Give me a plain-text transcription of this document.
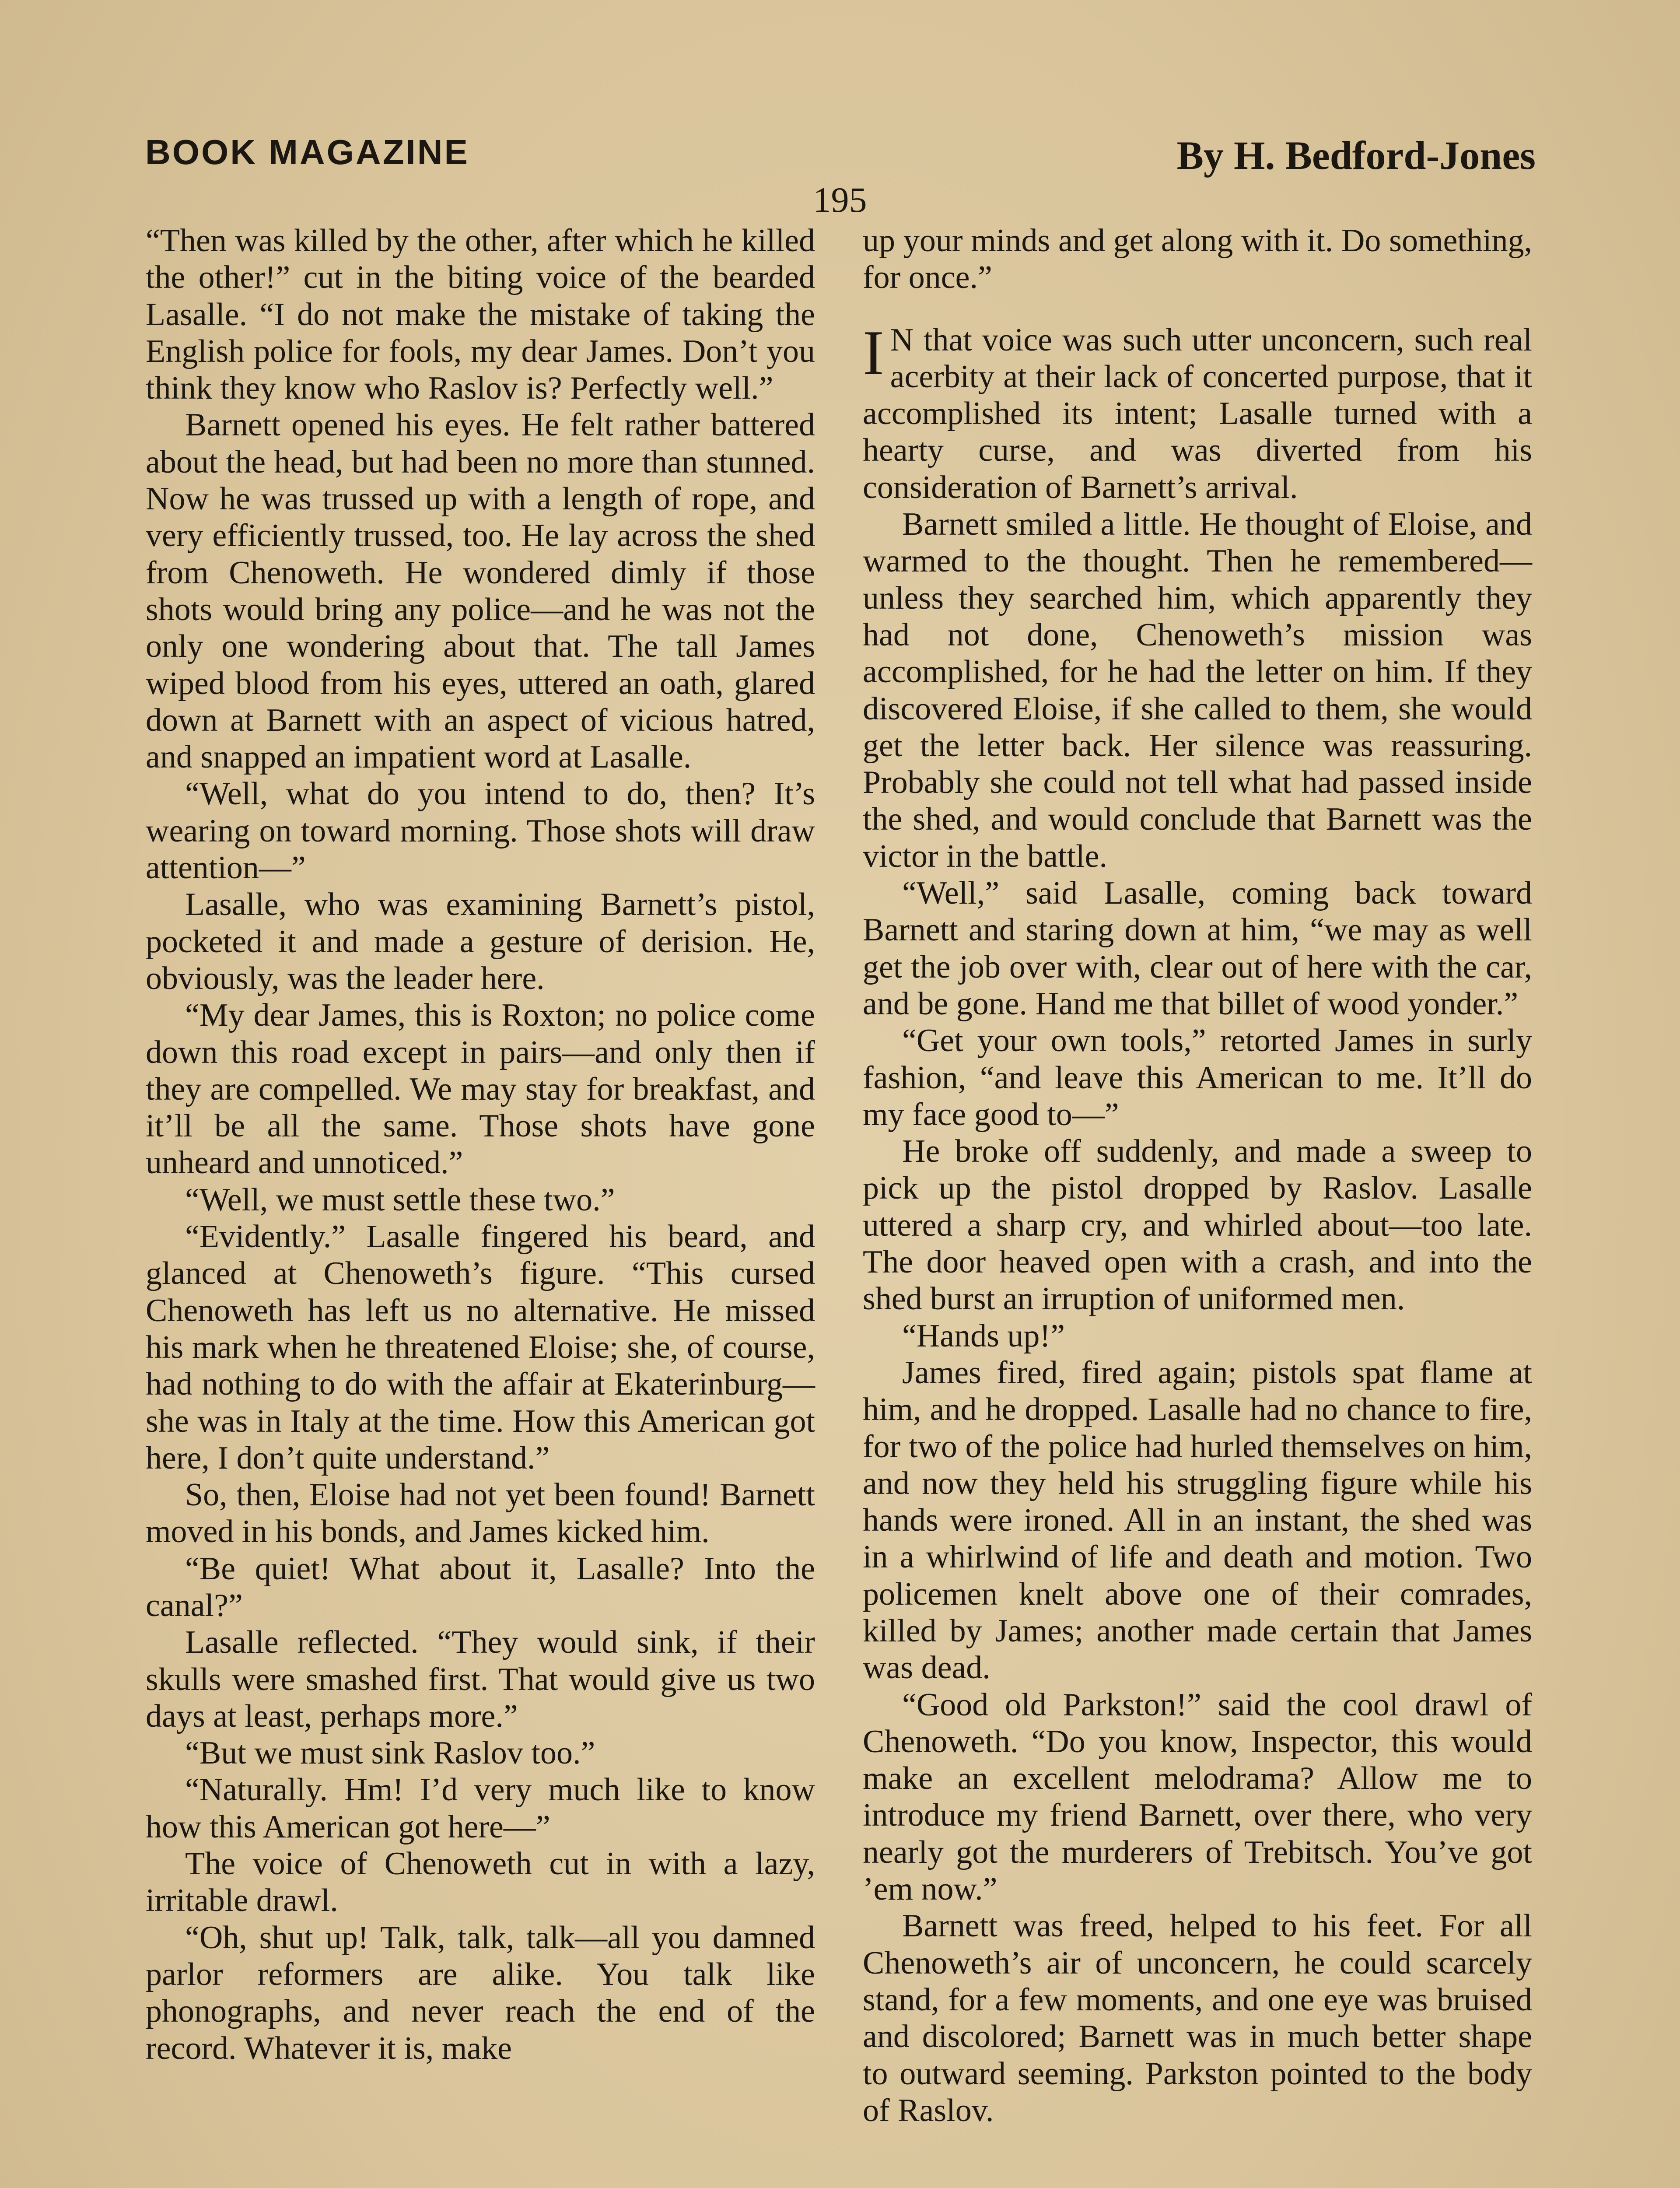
BOOK MAGAZINE	By H. Bedford-Jones
195

“Then was killed by the other, after which he killed the other!” cut in the biting voice of the bearded Lasalle. “I do not make the mistake of taking the English police for fools, my dear James. Don’t you think they know who Raslov is? Perfectly well.”

Barnett opened his eyes. He felt rather battered about the head, but had been no more than stunned. Now he was trussed up with a length of rope, and very efficiently trussed, too. He lay across the shed from Chenoweth. He wondered dimly if those shots would bring any police—and he was not the only one wondering about that. The tall James wiped blood from his eyes, uttered an oath, glared down at Barnett with an aspect of vicious hatred, and snapped an impatient word at Lasalle.

“Well, what do you intend to do, then? It’s wearing on toward morning. Those shots will draw attention—”

Lasalle, who was examining Barnett’s pistol, pocketed it and made a gesture of derision. He, obviously, was the leader here.

“My dear James, this is Roxton; no police come down this road except in pairs—and only then if they are compelled. We may stay for breakfast, and it’ll be all the same. Those shots have gone unheard and unnoticed.”

“Well, we must settle these two.”

“Evidently.” Lasalle fingered his beard, and glanced at Chenoweth’s figure. “This cursed Chenoweth has left us no alternative. He missed his mark when he threatened Eloise; she, of course, had nothing to do with the affair at Ekaterinburg—she was in Italy at the time. How this American got here, I don’t quite understand.”

So, then, Eloise had not yet been found! Barnett moved in his bonds, and James kicked him.

“Be quiet! What about it, Lasalle? Into the canal?”

Lasalle reflected. “They would sink, if their skulls were smashed first. That would give us two days at least, perhaps more.”

“But we must sink Raslov too.”

“Naturally. Hm! I’d very much like to know how this American got here—”

The voice of Chenoweth cut in with a lazy, irritable drawl.

“Oh, shut up! Talk, talk, talk—all you damned parlor reformers are alike. You talk like phonographs, and never reach the end of the record. Whatever it is, make

up your minds and get along with it. Do something, for once.”

I N that voice was such utter unconcern, such real acerbity at their lack of concerted purpose, that it accomplished its intent; Lasalle turned with a hearty curse, and was diverted from his consideration of Barnett’s arrival.

Barnett smiled a little. He thought of Eloise, and warmed to the thought. Then he remembered—unless they searched him, which apparently they had not done, Chenoweth’s mission was accomplished, for he had the letter on him. If they discovered Eloise, if she called to them, she would get the letter back. Her silence was reassuring. Probably she could not tell what had passed inside the shed, and would conclude that Barnett was the victor in the battle.

“Well,” said Lasalle, coming back toward Barnett and staring down at him, “we may as well get the job over with, clear out of here with the car, and be gone. Hand me that billet of wood yonder.”

“Get your own tools,” retorted James in surly fashion, “and leave this American to me. It’ll do my face good to—”

He broke off suddenly, and made a sweep to pick up the pistol dropped by Raslov. Lasalle uttered a sharp cry, and whirled about—too late. The door heaved open with a crash, and into the shed burst an irruption of uniformed men.

“Hands up!”

James fired, fired again; pistols spat flame at him, and he dropped. Lasalle had no chance to fire, for two of the police had hurled themselves on him, and now they held his struggling figure while his hands were ironed. All in an instant, the shed was in a whirlwind of life and death and motion. Two policemen knelt above one of their comrades, killed by James; another made certain that James was dead.

“Good old Parkston!” said the cool drawl of Chenoweth. “Do you know, Inspector, this would make an excellent melodrama? Allow me to introduce my friend Barnett, over there, who very nearly got the murderers of Trebitsch. You’ve got ’em now.”

Barnett was freed, helped to his feet. For all Chenoweth’s air of unconcern, he could scarcely stand, for a few moments, and one eye was bruised and discolored; Barnett was in much better shape to outward seeming. Parkston pointed to the body of Raslov.
